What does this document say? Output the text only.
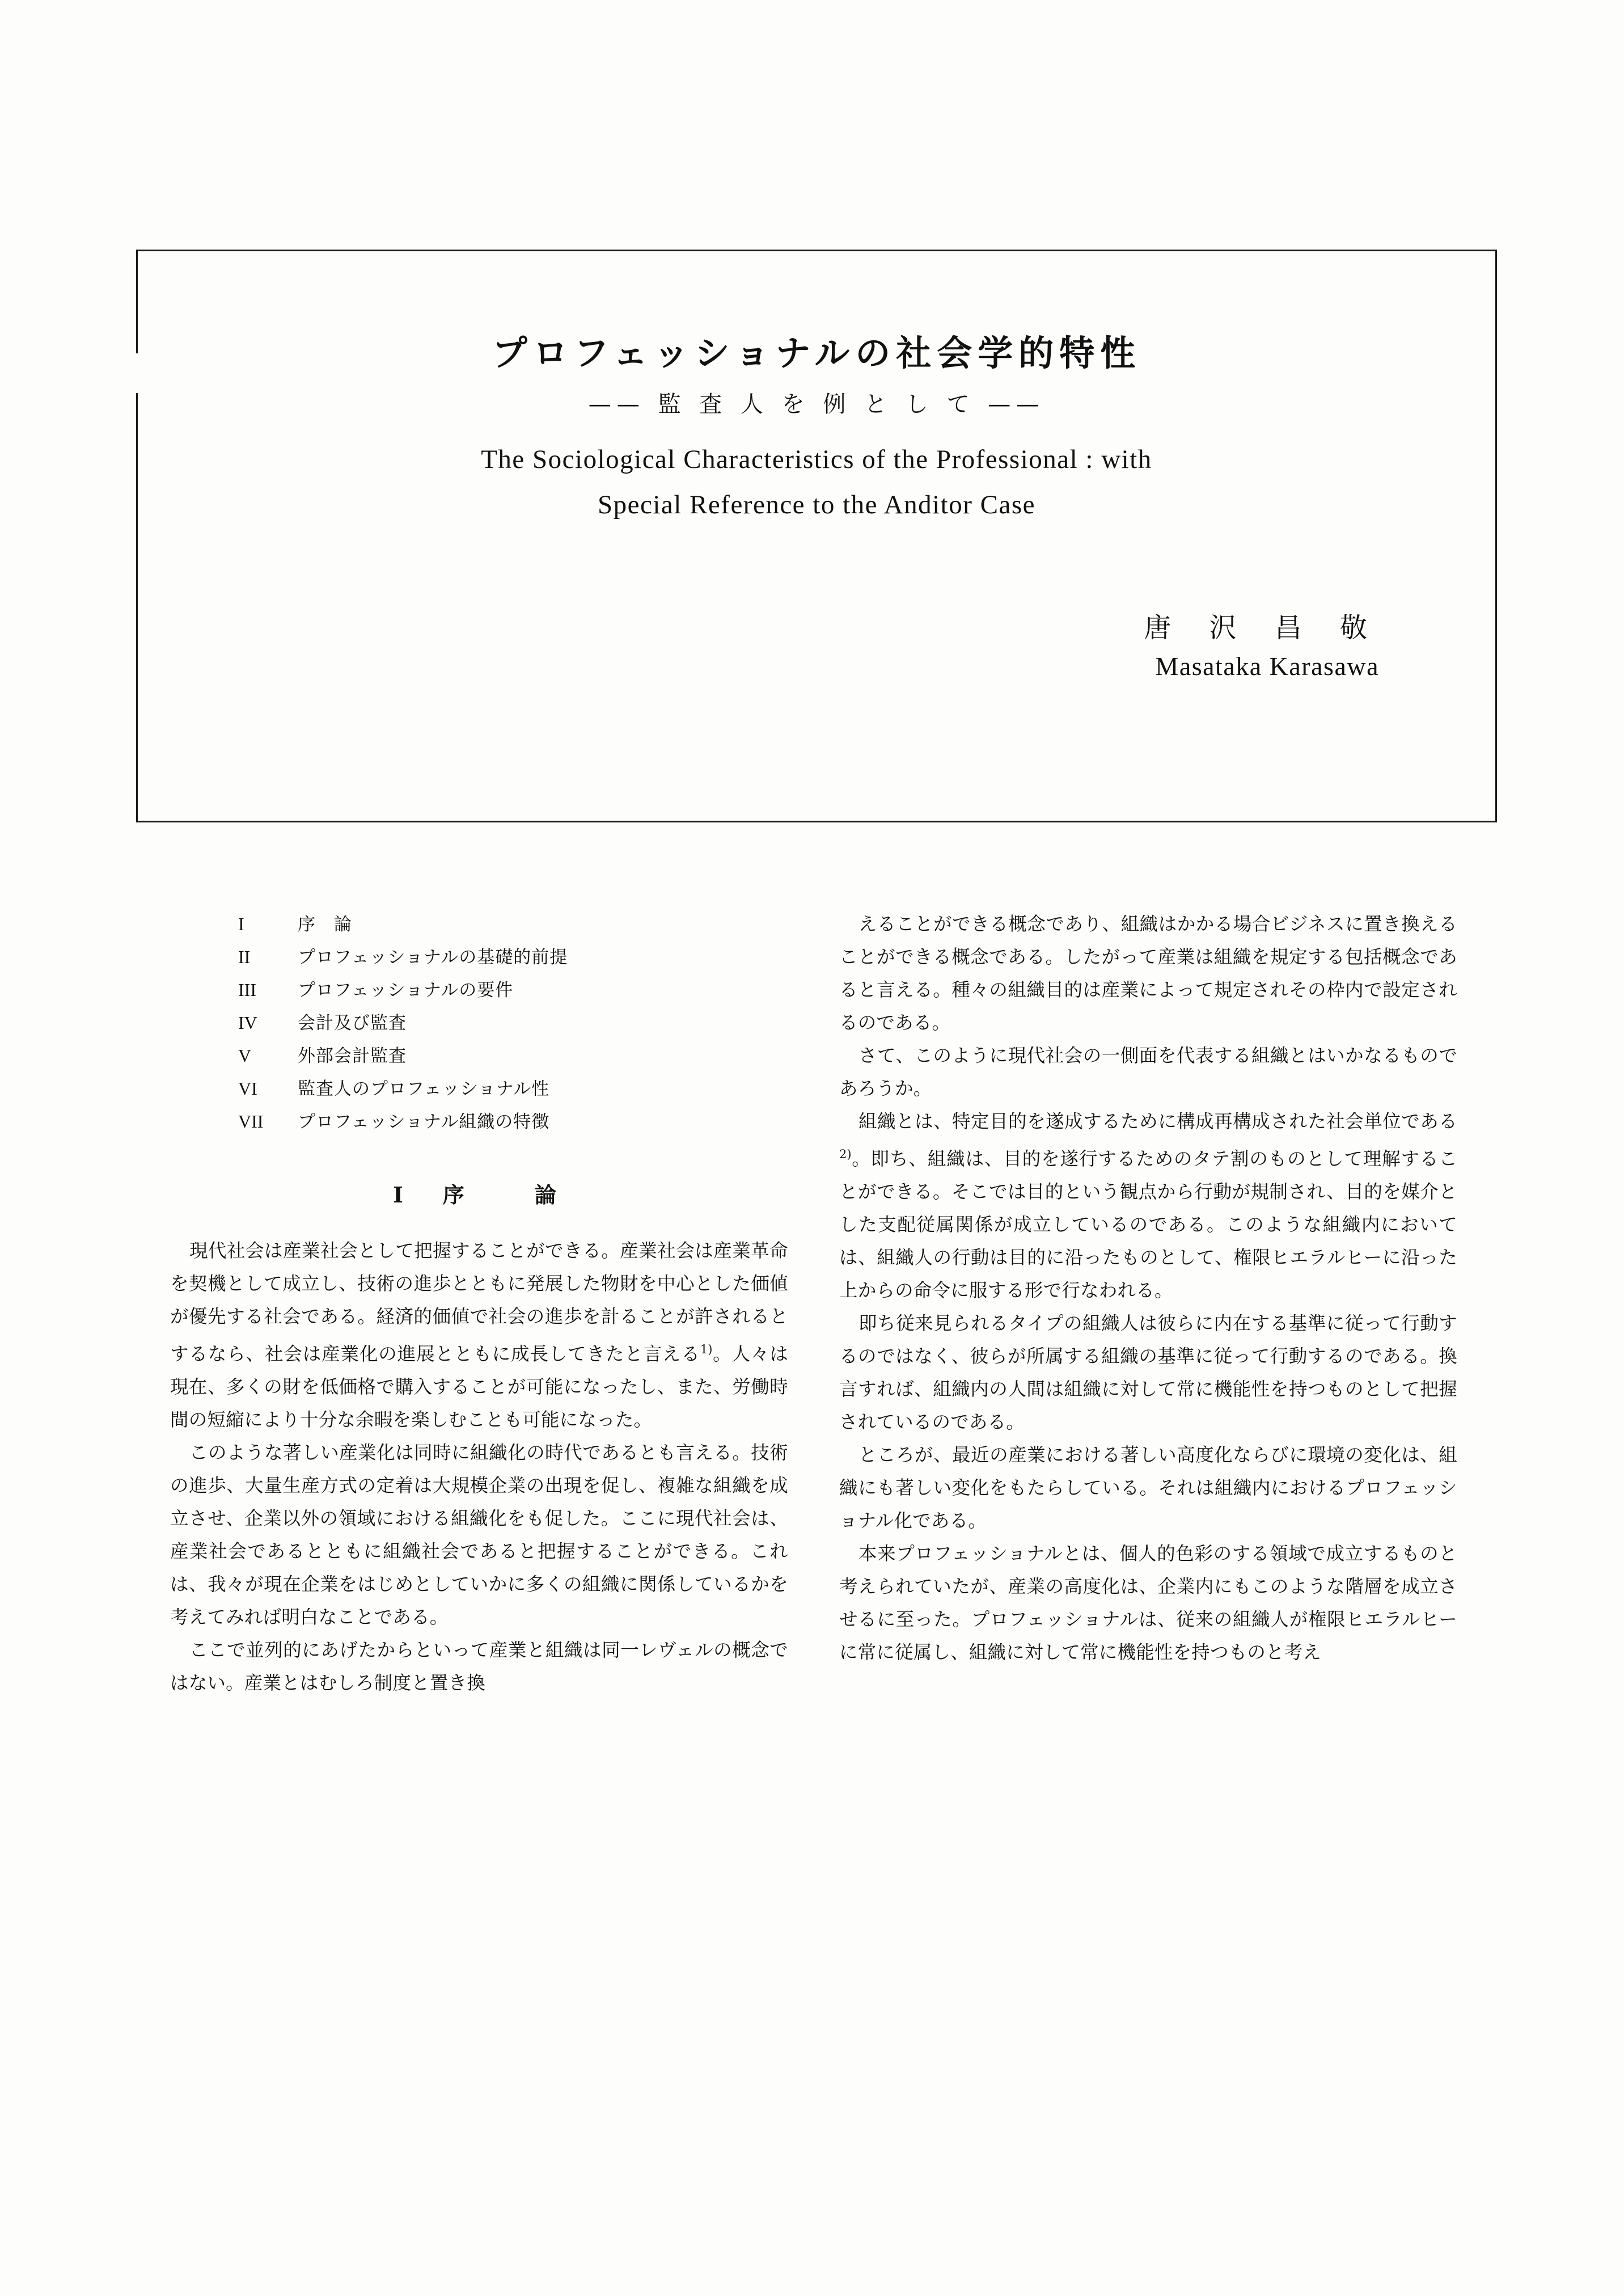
プロフェッショナルの社会学的特性
—— 監 査 人 を 例 と し て ——
The Sociological Characteristics of the Professional : with
Special Reference to the Anditor Case
唐 沢 昌 敬
Masataka Karasawa
I	序　論
II	プロフェッショナルの基礎的前提
III	プロフェッショナルの要件
IV	会計及び監査
V	外部会計監査
VI	監査人のプロフェッショナル性
VII	プロフェッショナル組織の特徴
I　序　　論

現代社会は産業社会として把握することができる。産業社会は産業革命を契機として成立し、技術の進歩とともに発展した物財を中心とした価値が優先する社会である。経済的価値で社会の進歩を計ることが許されるとするなら、社会は産業化の進展とともに成長してきたと言える$^{1)}$。人々は現在、多くの財を低価格で購入することが可能になったし、また、労働時間の短縮により十分な余暇を楽しむことも可能になった。

このような著しい産業化は同時に組織化の時代であるとも言える。技術の進歩、大量生産方式の定着は大規模企業の出現を促し、複雑な組織を成立させ、企業以外の領域における組織化をも促した。ここに現代社会は、産業社会であるとともに組織社会であると把握することができる。これは、我々が現在企業をはじめとしていかに多くの組織に関係しているかを考えてみれば明白なことである。

ここで並列的にあげたからといって産業と組織は同一レヴェルの概念ではない。産業とはむしろ制度と置き換

えることができる概念であり、組織はかかる場合ビジネスに置き換えることができる概念である。したがって産業は組織を規定する包括概念であると言える。種々の組織目的は産業によって規定されその枠内で設定されるのである。

さて、このように現代社会の一側面を代表する組織とはいかなるものであろうか。

組織とは、特定目的を遂成するために構成再構成された社会単位である$^{2)}$。即ち、組織は、目的を遂行するためのタテ割のものとして理解することができる。そこでは目的という観点から行動が規制され、目的を媒介とした支配従属関係が成立しているのである。このような組織内においては、組織人の行動は目的に沿ったものとして、権限ヒエラルヒーに沿った上からの命令に服する形で行なわれる。

即ち従来見られるタイプの組織人は彼らに内在する基準に従って行動するのではなく、彼らが所属する組織の基準に従って行動するのである。換言すれば、組織内の人間は組織に対して常に機能性を持つものとして把握されているのである。

ところが、最近の産業における著しい高度化ならびに環境の変化は、組織にも著しい変化をもたらしている。それは組織内におけるプロフェッショナル化である。

本来プロフェッショナルとは、個人的色彩のする領域で成立するものと考えられていたが、産業の高度化は、企業内にもこのような階層を成立させるに至った。プロフェッショナルは、従来の組織人が権限ヒエラルヒーに常に従属し、組織に対して常に機能性を持つものと考え
